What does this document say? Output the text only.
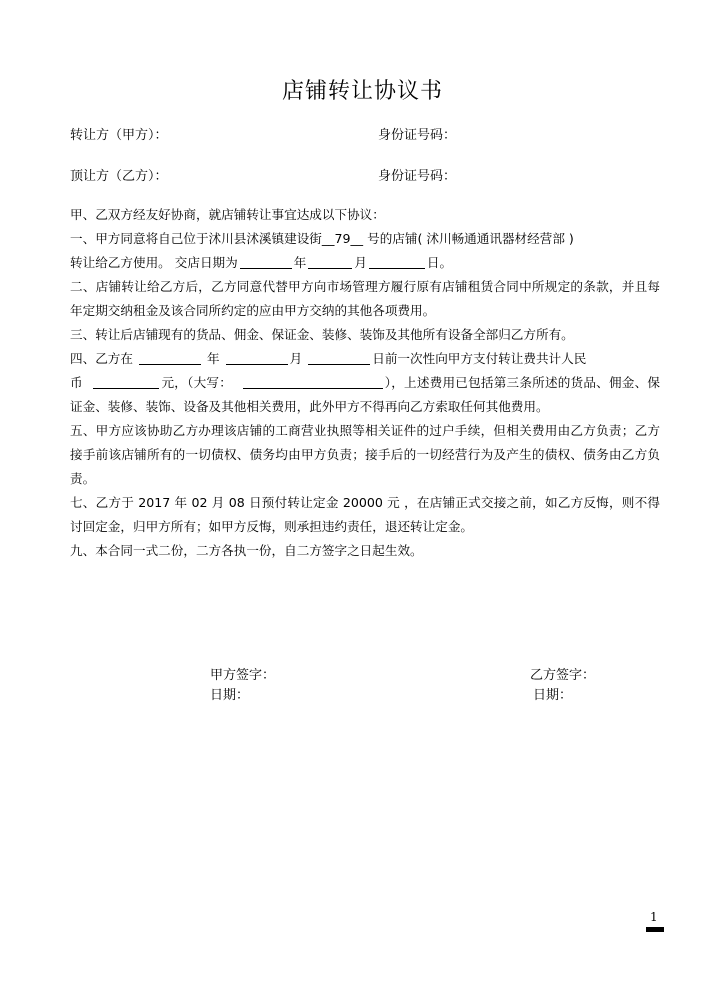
店铺转让协议书
转让方（甲方）：	身份证号码：
顶让方（乙方）：	身份证号码：

甲、乙双方经友好协商，就店铺转让事宜达成以下协议：

一、甲方同意将自己位于沭川县沭溪镇建设街__79__ 号的店铺( 沭川畅通通讯器材经营部 )
转让给乙方使用。 交店日期为	年	月	日。

二、店铺转让给乙方后，乙方同意代替甲方向市场管理方履行原有店铺租赁合同中所规定的条款，并且每年定期交纳租金及该合同所约定的应由甲方交纳的其他各项费用。

三、转让后店铺现有的货品、佣金、保证金、装修、装饰及其他所有设备全部归乙方所有。

四、乙方在	年	月	日前一次性向甲方支付转让费共计人民
币	元，（大写：	），上述费用已包括第三条所述的货品、佣金、保证金、装修、装饰、设备及其他相关费用，此外甲方不得再向乙方索取任何其他费用。

五、甲方应该协助乙方办理该店铺的工商营业执照等相关证件的过户手续，但相关费用由乙方负责；乙方接手前该店铺所有的一切债权、债务均由甲方负责；接手后的一切经营行为及产生的债权、债务由乙方负责。

七、乙方于 2017 年 02 月 08 日预付转让定金 20000 元 ，在店铺正式交接之前，如乙方反悔，则不得讨回定金，归甲方所有；如甲方反悔，则承担违约责任，退还转让定金。

九、本合同一式二份，二方各执一份，自二方签字之日起生效。

甲方签字：
日期：
乙方签字：
日期：
1
